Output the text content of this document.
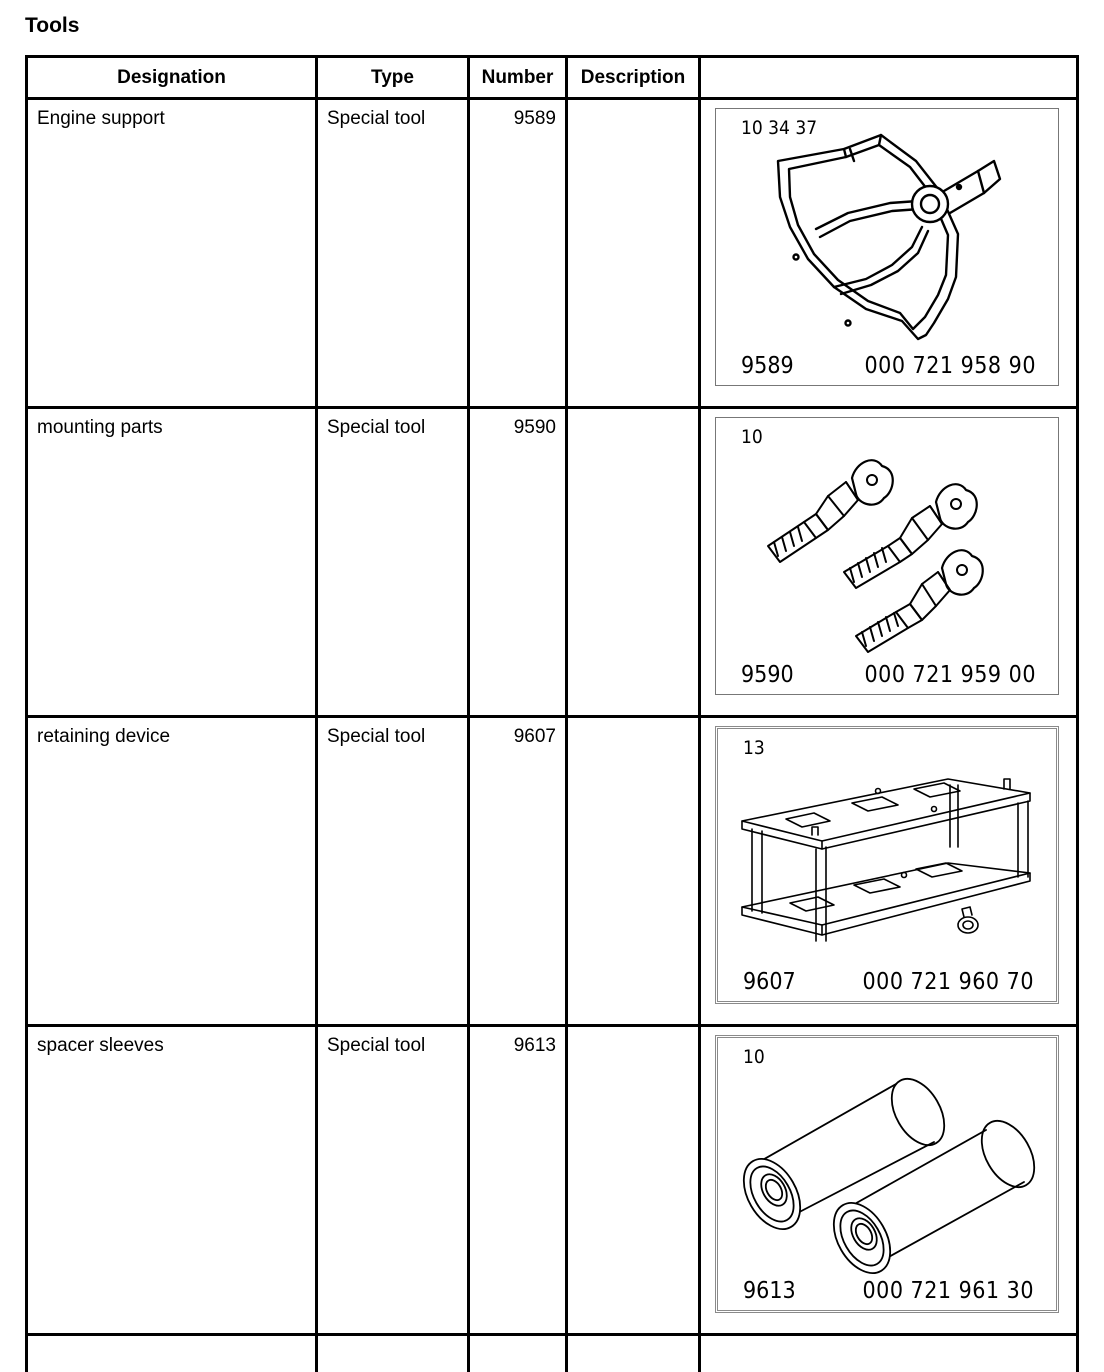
Tools
Designation	Type	Number	Description	
Engine support	Special tool	9589		10 34 37
9589 000 721 958 90

mounting parts	Special tool	9590		10
9590 000 721 959 00

retaining device	Special tool	9607		13
9607 000 721 960 70

spacer sleeves	Special tool	9613		10
9613 000 721 961 30
